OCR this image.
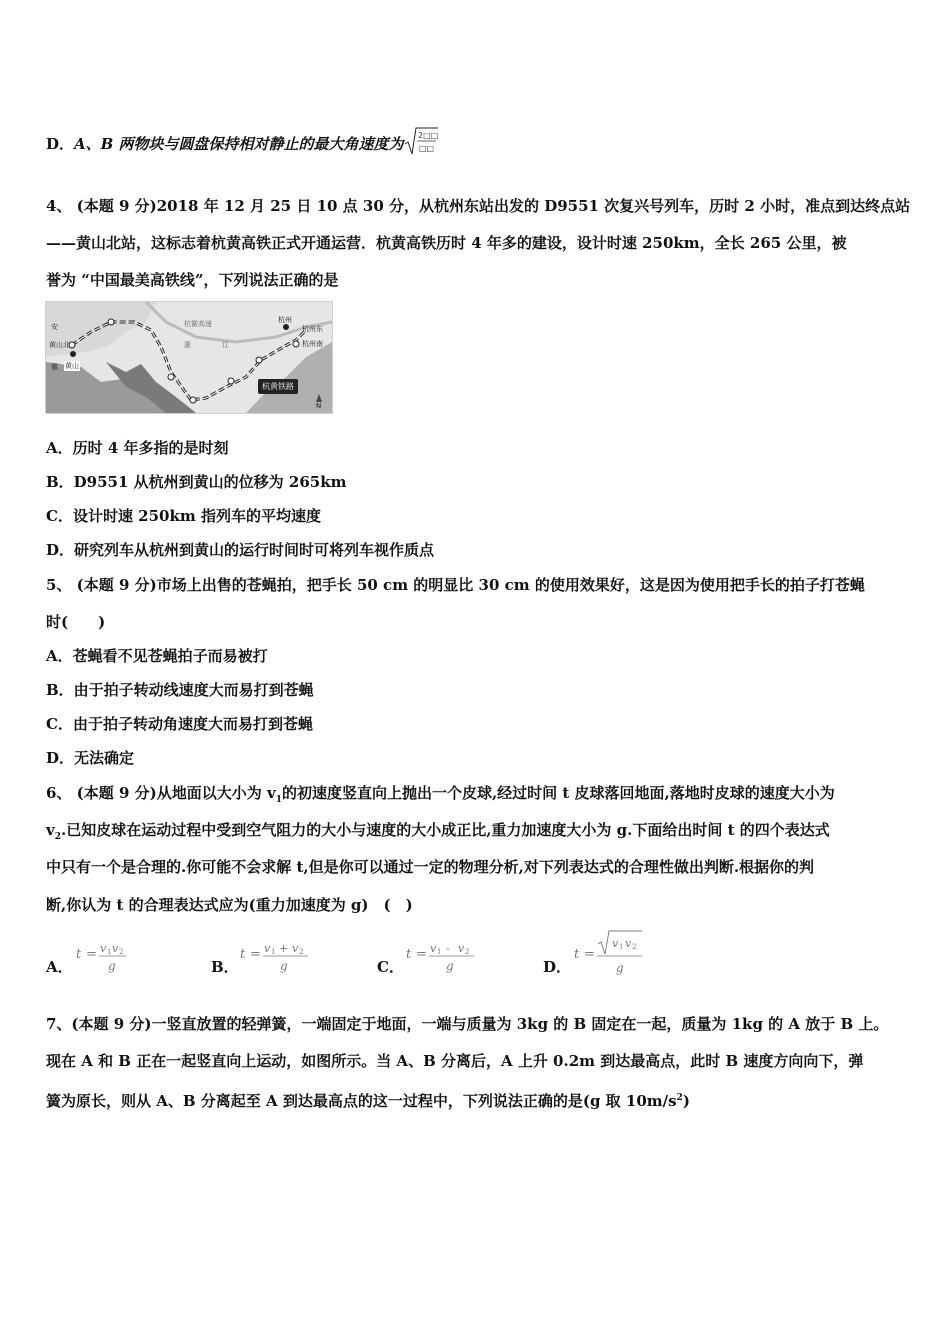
D．A、B 两物块与圆盘保持相对静止的最大角速度为 2□□
□□
4、 (本题 9 分)2018 年 12 月 25 日 10 点 30 分，从杭州东站出发的 D9551 次复兴号列车，历时 2 小时，准点到达终点站
——黄山北站，这标志着杭黄高铁正式开通运营．杭黄高铁历时 4 年多的建设，设计时速 250km，全长 265 公里，被
誉为 “中国最美高铁线”，下列说法正确的是
安
徽
黄山北
黄山
杭州
杭州东
杭州南
杭徽高速
浙	江
N
杭黄铁路
A．历时 4 年多指的是时刻
B．D9551 从杭州到黄山的位移为 265km
C．设计时速 250km 指列车的平均速度
D．研究列车从杭州到黄山的运行时间时可将列车视作质点
5、 (本题 9 分)市场上出售的苍蝇拍，把手长 50 cm 的明显比 30 cm 的使用效果好，这是因为使用把手长的拍子打苍蝇
时(　　)
A．苍蝇看不见苍蝇拍子而易被打
B．由于拍子转动线速度大而易打到苍蝇
C．由于拍子转动角速度大而易打到苍蝇
D．无法确定
6、 (本题 9 分)从地面以大小为 $v_1$的初速度竖直向上抛出一个皮球,经过时间 t 皮球落回地面,落地时皮球的速度大小为
$v_2$.已知皮球在运动过程中受到空气阻力的大小与速度的大小成正比,重力加速度大小为 g.下面给出时间 t 的四个表达式
中只有一个是合理的.你可能不会求解 t,但是你可以通过一定的物理分析,对下列表达式的合理性做出判断.根据你的判
断,你认为 t 的合理表达式应为(重力加速度为 g)　(　)
A．
t = v 1 v 2
g	B．
t = v 1 + v 2
g	C．
t = v 1 - v 2
g	D．
t =
v 1 v 2
g
7、(本题 9 分)一竖直放置的轻弹簧，一端固定于地面，一端与质量为 3kg 的 B 固定在一起，质量为 1kg 的 A 放于 B 上。
现在 A 和 B 正在一起竖直向上运动，如图所示。当 A、B 分离后，A 上升 0.2m 到达最高点，此时 B 速度方向向下，弹
簧为原长，则从 A、B 分离起至 A 到达最高点的这一过程中，下列说法正确的是(g 取 $10m/s^2$)
